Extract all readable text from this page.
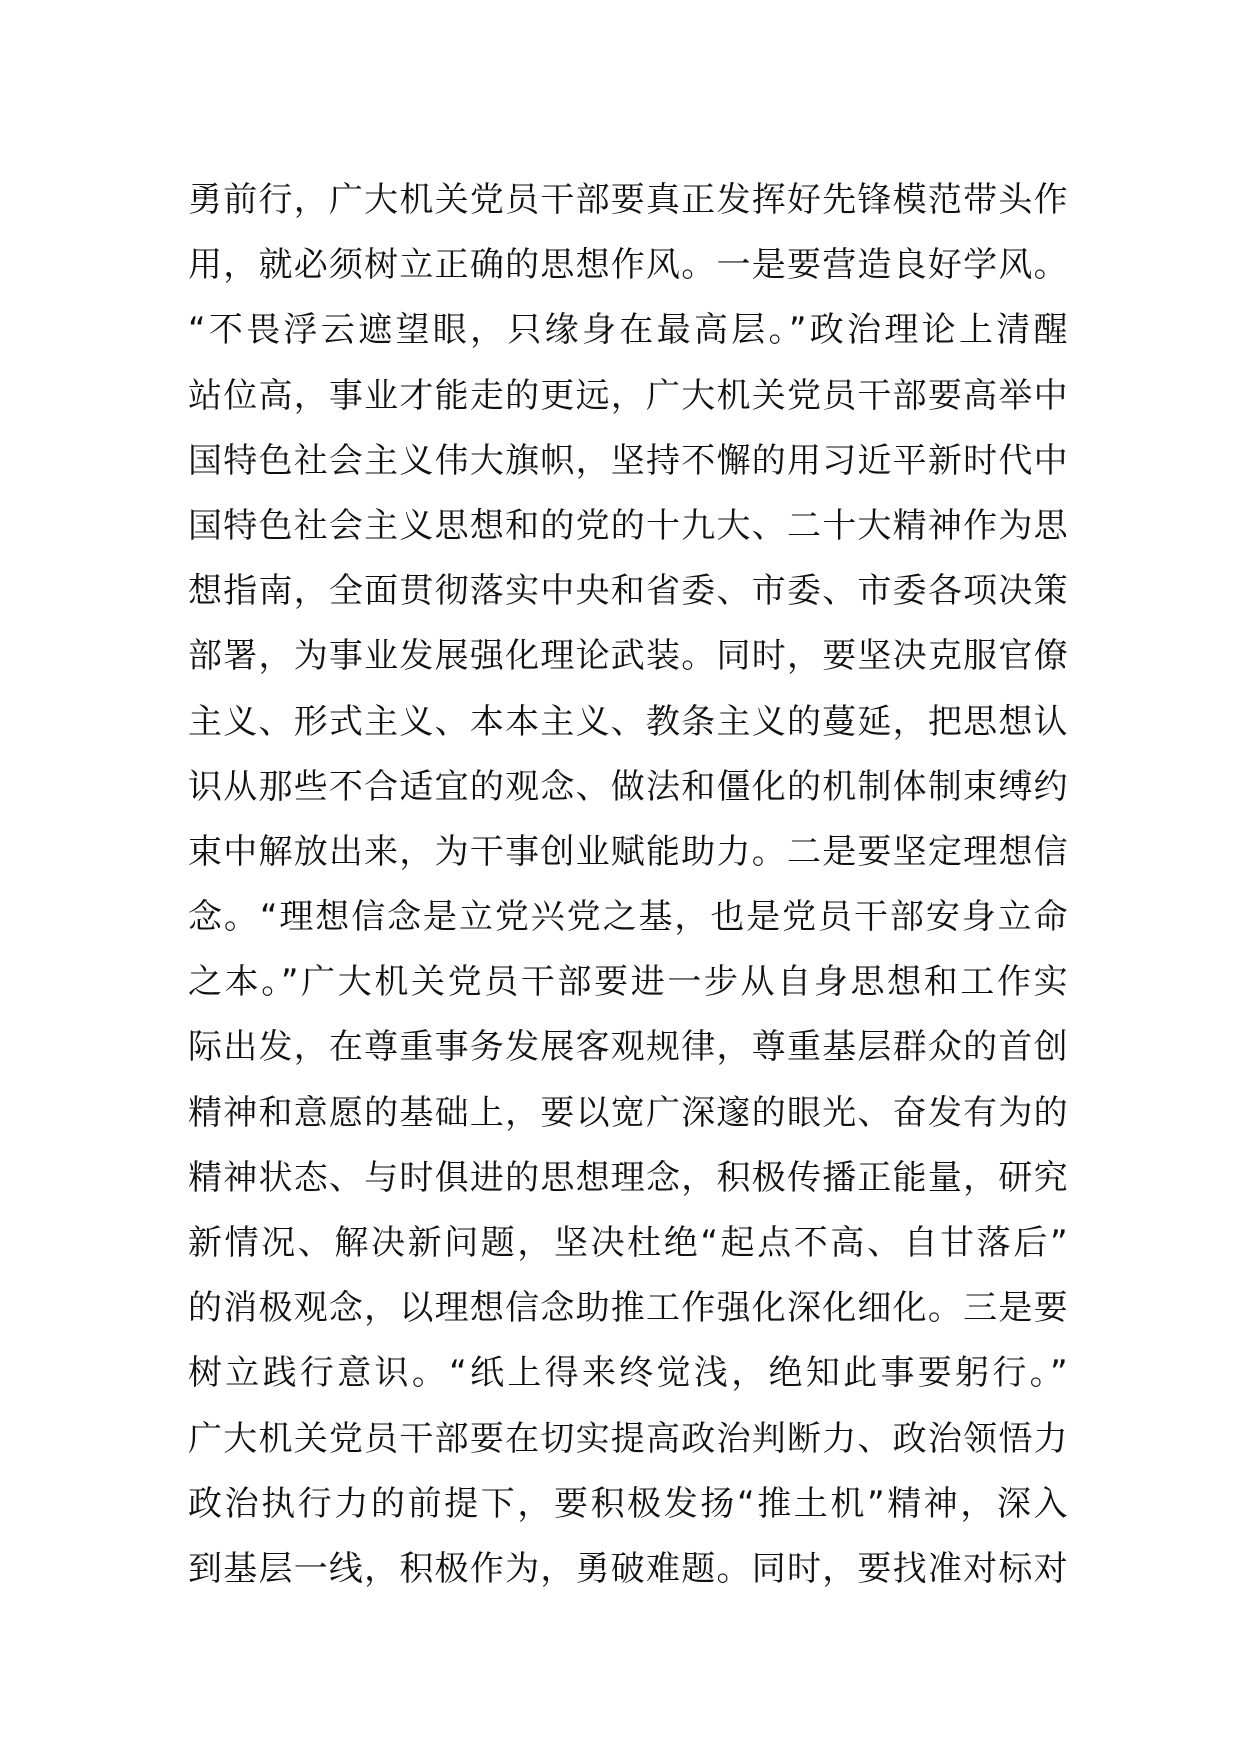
勇前行，广大机关党员干部要真正发挥好先锋模范带头作
用，就必须树立正确的思想作风。一是要营造良好学风。
“不畏浮云遮望眼，只缘身在最高层。”政治理论上清醒
站位高，事业才能走的更远，广大机关党员干部要高举中
国特色社会主义伟大旗帜，坚持不懈的用习近平新时代中
国特色社会主义思想和的党的十九大、二十大精神作为思
想指南，全面贯彻落实中央和省委、市委、市委各项决策
部署，为事业发展强化理论武装。同时，要坚决克服官僚
主义、形式主义、本本主义、教条主义的蔓延，把思想认
识从那些不合适宜的观念、做法和僵化的机制体制束缚约
束中解放出来，为干事创业赋能助力。二是要坚定理想信
念。“理想信念是立党兴党之基，也是党员干部安身立命
之本。”广大机关党员干部要进一步从自身思想和工作实
际出发，在尊重事务发展客观规律，尊重基层群众的首创
精神和意愿的基础上，要以宽广深邃的眼光、奋发有为的
精神状态、与时俱进的思想理念，积极传播正能量，研究
新情况、解决新问题，坚决杜绝“起点不高、自甘落后”
的消极观念，以理想信念助推工作强化深化细化。三是要
树立践行意识。“纸上得来终觉浅，绝知此事要躬行。”
广大机关党员干部要在切实提高政治判断力、政治领悟力
政治执行力的前提下，要积极发扬“推土机”精神，深入
到基层一线，积极作为，勇破难题。同时，要找准对标对
